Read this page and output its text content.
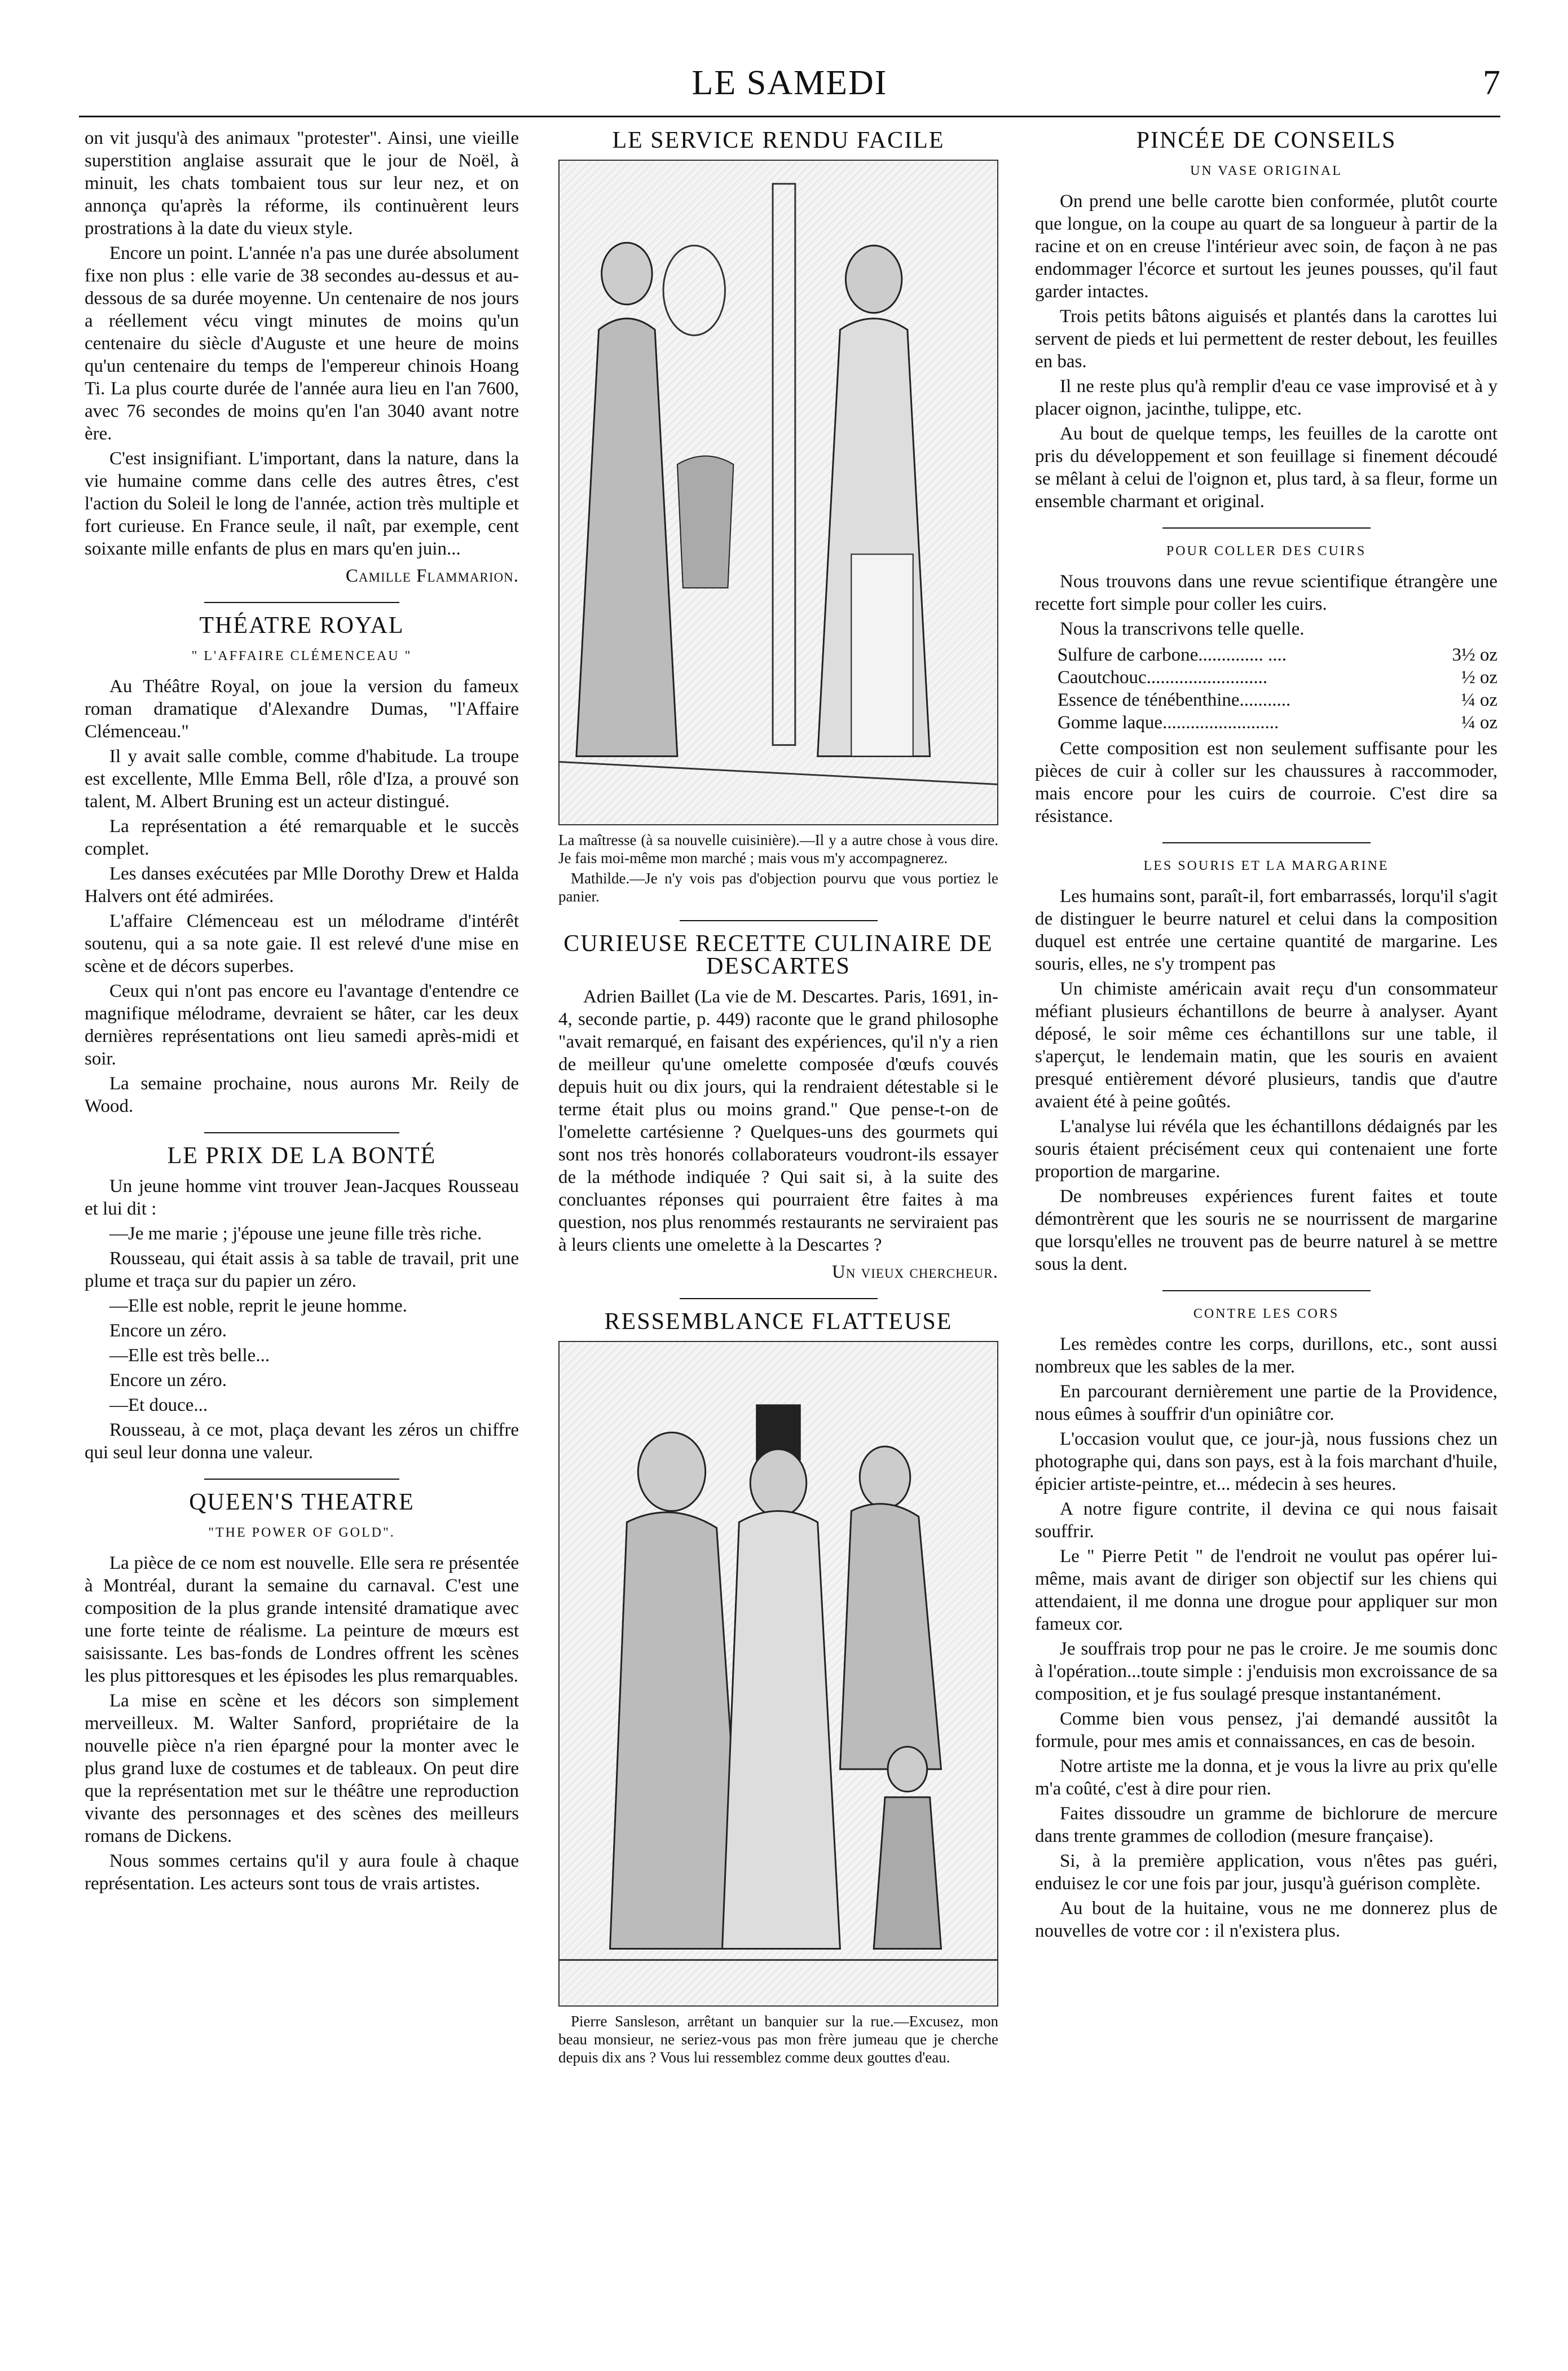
LE SAMEDI	7

on vit jusqu'à des animaux "protester". Ainsi, une vieille superstition anglaise assurait que le jour de Noël, à minuit, les chats tombaient tous sur leur nez, et on annonça qu'après la réforme, ils continuèrent leurs prostrations à la date du vieux style.

Encore un point. L'année n'a pas une durée absolument fixe non plus : elle varie de 38 secondes au-dessus et au-dessous de sa durée moyenne. Un centenaire de nos jours a réellement vécu vingt minutes de moins qu'un centenaire du siècle d'Auguste et une heure de moins qu'un centenaire du temps de l'empereur chinois Hoang Ti. La plus courte durée de l'année aura lieu en l'an 7600, avec 76 secondes de moins qu'en l'an 3040 avant notre ère.

C'est insignifiant. L'important, dans la nature, dans la vie humaine comme dans celle des autres êtres, c'est l'action du Soleil le long de l'année, action très multiple et fort curieuse. En France seule, il naît, par exemple, cent soixante mille enfants de plus en mars qu'en juin...

Camille Flammarion.

THÉATRE ROYAL
" L'AFFAIRE CLÉMENCEAU "

Au Théâtre Royal, on joue la version du fameux roman dramatique d'Alexandre Dumas, "l'Affaire Clémenceau."

Il y avait salle comble, comme d'habitude. La troupe est excellente, Mlle Emma Bell, rôle d'Iza, a prouvé son talent, M. Albert Bruning est un acteur distingué.

La représentation a été remarquable et le succès complet.

Les danses exécutées par Mlle Dorothy Drew et Halda Halvers ont été admirées.

L'affaire Clémenceau est un mélodrame d'intérêt soutenu, qui a sa note gaie. Il est relevé d'une mise en scène et de décors superbes.

Ceux qui n'ont pas encore eu l'avantage d'entendre ce magnifique mélodrame, devraient se hâter, car les deux dernières représentations ont lieu samedi après-midi et soir.

La semaine prochaine, nous aurons Mr. Reily de Wood.

LE PRIX DE LA BONTÉ

Un jeune homme vint trouver Jean-Jacques Rousseau et lui dit :

—Je me marie ; j'épouse une jeune fille très riche.

Rousseau, qui était assis à sa table de travail, prit une plume et traça sur du papier un zéro.

—Elle est noble, reprit le jeune homme.

Encore un zéro.

—Elle est très belle...

Encore un zéro.

—Et douce...

Rousseau, à ce mot, plaça devant les zéros un chiffre qui seul leur donna une valeur.

QUEEN'S THEATRE
"THE POWER OF GOLD".

La pièce de ce nom est nouvelle. Elle sera re présentée à Montréal, durant la semaine du carnaval. C'est une composition de la plus grande intensité dramatique avec une forte teinte de réalisme. La peinture de mœurs est saisissante. Les bas-fonds de Londres offrent les scènes les plus pittoresques et les épisodes les plus remarquables.

La mise en scène et les décors son simplement merveilleux. M. Walter Sanford, propriétaire de la nouvelle pièce n'a rien épargné pour la monter avec le plus grand luxe de costumes et de tableaux. On peut dire que la représentation met sur le théâtre une reproduction vivante des personnages et des scènes des meilleurs romans de Dickens.

Nous sommes certains qu'il y aura foule à chaque représentation. Les acteurs sont tous de vrais artistes.

LE SERVICE RENDU FACILE

La maîtresse (à sa nouvelle cuisinière).—Il y a autre chose à vous dire. Je fais moi-même mon marché ; mais vous m'y accompagnerez.

Mathilde.—Je n'y vois pas d'objection pourvu que vous portiez le panier.

CURIEUSE RECETTE CULINAIRE DE DESCARTES

Adrien Baillet (La vie de M. Descartes. Paris, 1691, in-4, seconde partie, p. 449) raconte que le grand philosophe "avait remarqué, en faisant des expériences, qu'il n'y a rien de meilleur qu'une omelette composée d'œufs couvés depuis huit ou dix jours, qui la rendraient détestable si le terme était plus ou moins grand." Que pense-t-on de l'omelette cartésienne ? Quelques-uns des gourmets qui sont nos très honorés collaborateurs voudront-ils essayer de la méthode indiquée ? Qui sait si, à la suite des concluantes réponses qui pourraient être faites à ma question, nos plus renommés restaurants ne serviraient pas à leurs clients une omelette à la Descartes ?

Un vieux chercheur.

RESSEMBLANCE FLATTEUSE

Pierre Sansleson, arrêtant un banquier sur la rue.—Excusez, mon beau monsieur, ne seriez-vous pas mon frère jumeau que je cherche depuis dix ans ? Vous lui ressemblez comme deux gouttes d'eau.

PINCÉE DE CONSEILS
UN VASE ORIGINAL

On prend une belle carotte bien conformée, plutôt courte que longue, on la coupe au quart de sa longueur à partir de la racine et on en creuse l'intérieur avec soin, de façon à ne pas endommager l'écorce et surtout les jeunes pousses, qu'il faut garder intactes.

Trois petits bâtons aiguisés et plantés dans la carottes lui servent de pieds et lui permettent de rester debout, les feuilles en bas.

Il ne reste plus qu'à remplir d'eau ce vase improvisé et à y placer oignon, jacinthe, tulippe, etc.

Au bout de quelque temps, les feuilles de la carotte ont pris du développement et son feuillage si finement découdé se mêlant à celui de l'oignon et, plus tard, à sa fleur, forme un ensemble charmant et original.

POUR COLLER DES CUIRS

Nous trouvons dans une revue scientifique étrangère une recette fort simple pour coller les cuirs.

Nous la transcrivons telle quelle.

Sulfure de carbone.............. ....	3½ oz
Caoutchouc..........................	½ oz
Essence de ténébenthine...........	¼ oz
Gomme laque.........................	¼ oz

Cette composition est non seulement suffisante pour les pièces de cuir à coller sur les chaussures à raccommoder, mais encore pour les cuirs de courroie. C'est dire sa résistance.

LES SOURIS ET LA MARGARINE

Les humains sont, paraît-il, fort embarrassés, lorqu'il s'agit de distinguer le beurre naturel et celui dans la composition duquel est entrée une certaine quantité de margarine. Les souris, elles, ne s'y trompent pas

Un chimiste américain avait reçu d'un consommateur méfiant plusieurs échantillons de beurre à analyser. Ayant déposé, le soir même ces échantillons sur une table, il s'aperçut, le lendemain matin, que les souris en avaient presqué entièrement dévoré plusieurs, tandis que d'autre avaient été à peine goûtés.

L'analyse lui révéla que les échantillons dédaignés par les souris étaient précisément ceux qui contenaient une forte proportion de margarine.

De nombreuses expériences furent faites et toute démontrèrent que les souris ne se nourrissent de margarine que lorsqu'elles ne trouvent pas de beurre naturel à se mettre sous la dent.

CONTRE LES CORS

Les remèdes contre les corps, durillons, etc., sont aussi nombreux que les sables de la mer.

En parcourant dernièrement une partie de la Providence, nous eûmes à souffrir d'un opiniâtre cor.

L'occasion voulut que, ce jour-jà, nous fussions chez un photographe qui, dans son pays, est à la fois marchant d'huile, épicier artiste-peintre, et... médecin à ses heures.

A notre figure contrite, il devina ce qui nous faisait souffrir.

Le " Pierre Petit " de l'endroit ne voulut pas opérer lui-même, mais avant de diriger son objectif sur les chiens qui attendaient, il me donna une drogue pour appliquer sur mon fameux cor.

Je souffrais trop pour ne pas le croire. Je me soumis donc à l'opération...toute simple : j'enduisis mon excroissance de sa composition, et je fus soulagé presque instantanément.

Comme bien vous pensez, j'ai demandé aussitôt la formule, pour mes amis et connaissances, en cas de besoin.

Notre artiste me la donna, et je vous la livre au prix qu'elle m'a coûté, c'est à dire pour rien.

Faites dissoudre un gramme de bichlorure de mercure dans trente grammes de collodion (mesure française).

Si, à la première application, vous n'êtes pas guéri, enduisez le cor une fois par jour, jusqu'à guérison complète.

Au bout de la huitaine, vous ne me donnerez plus de nouvelles de votre cor : il n'existera plus.
